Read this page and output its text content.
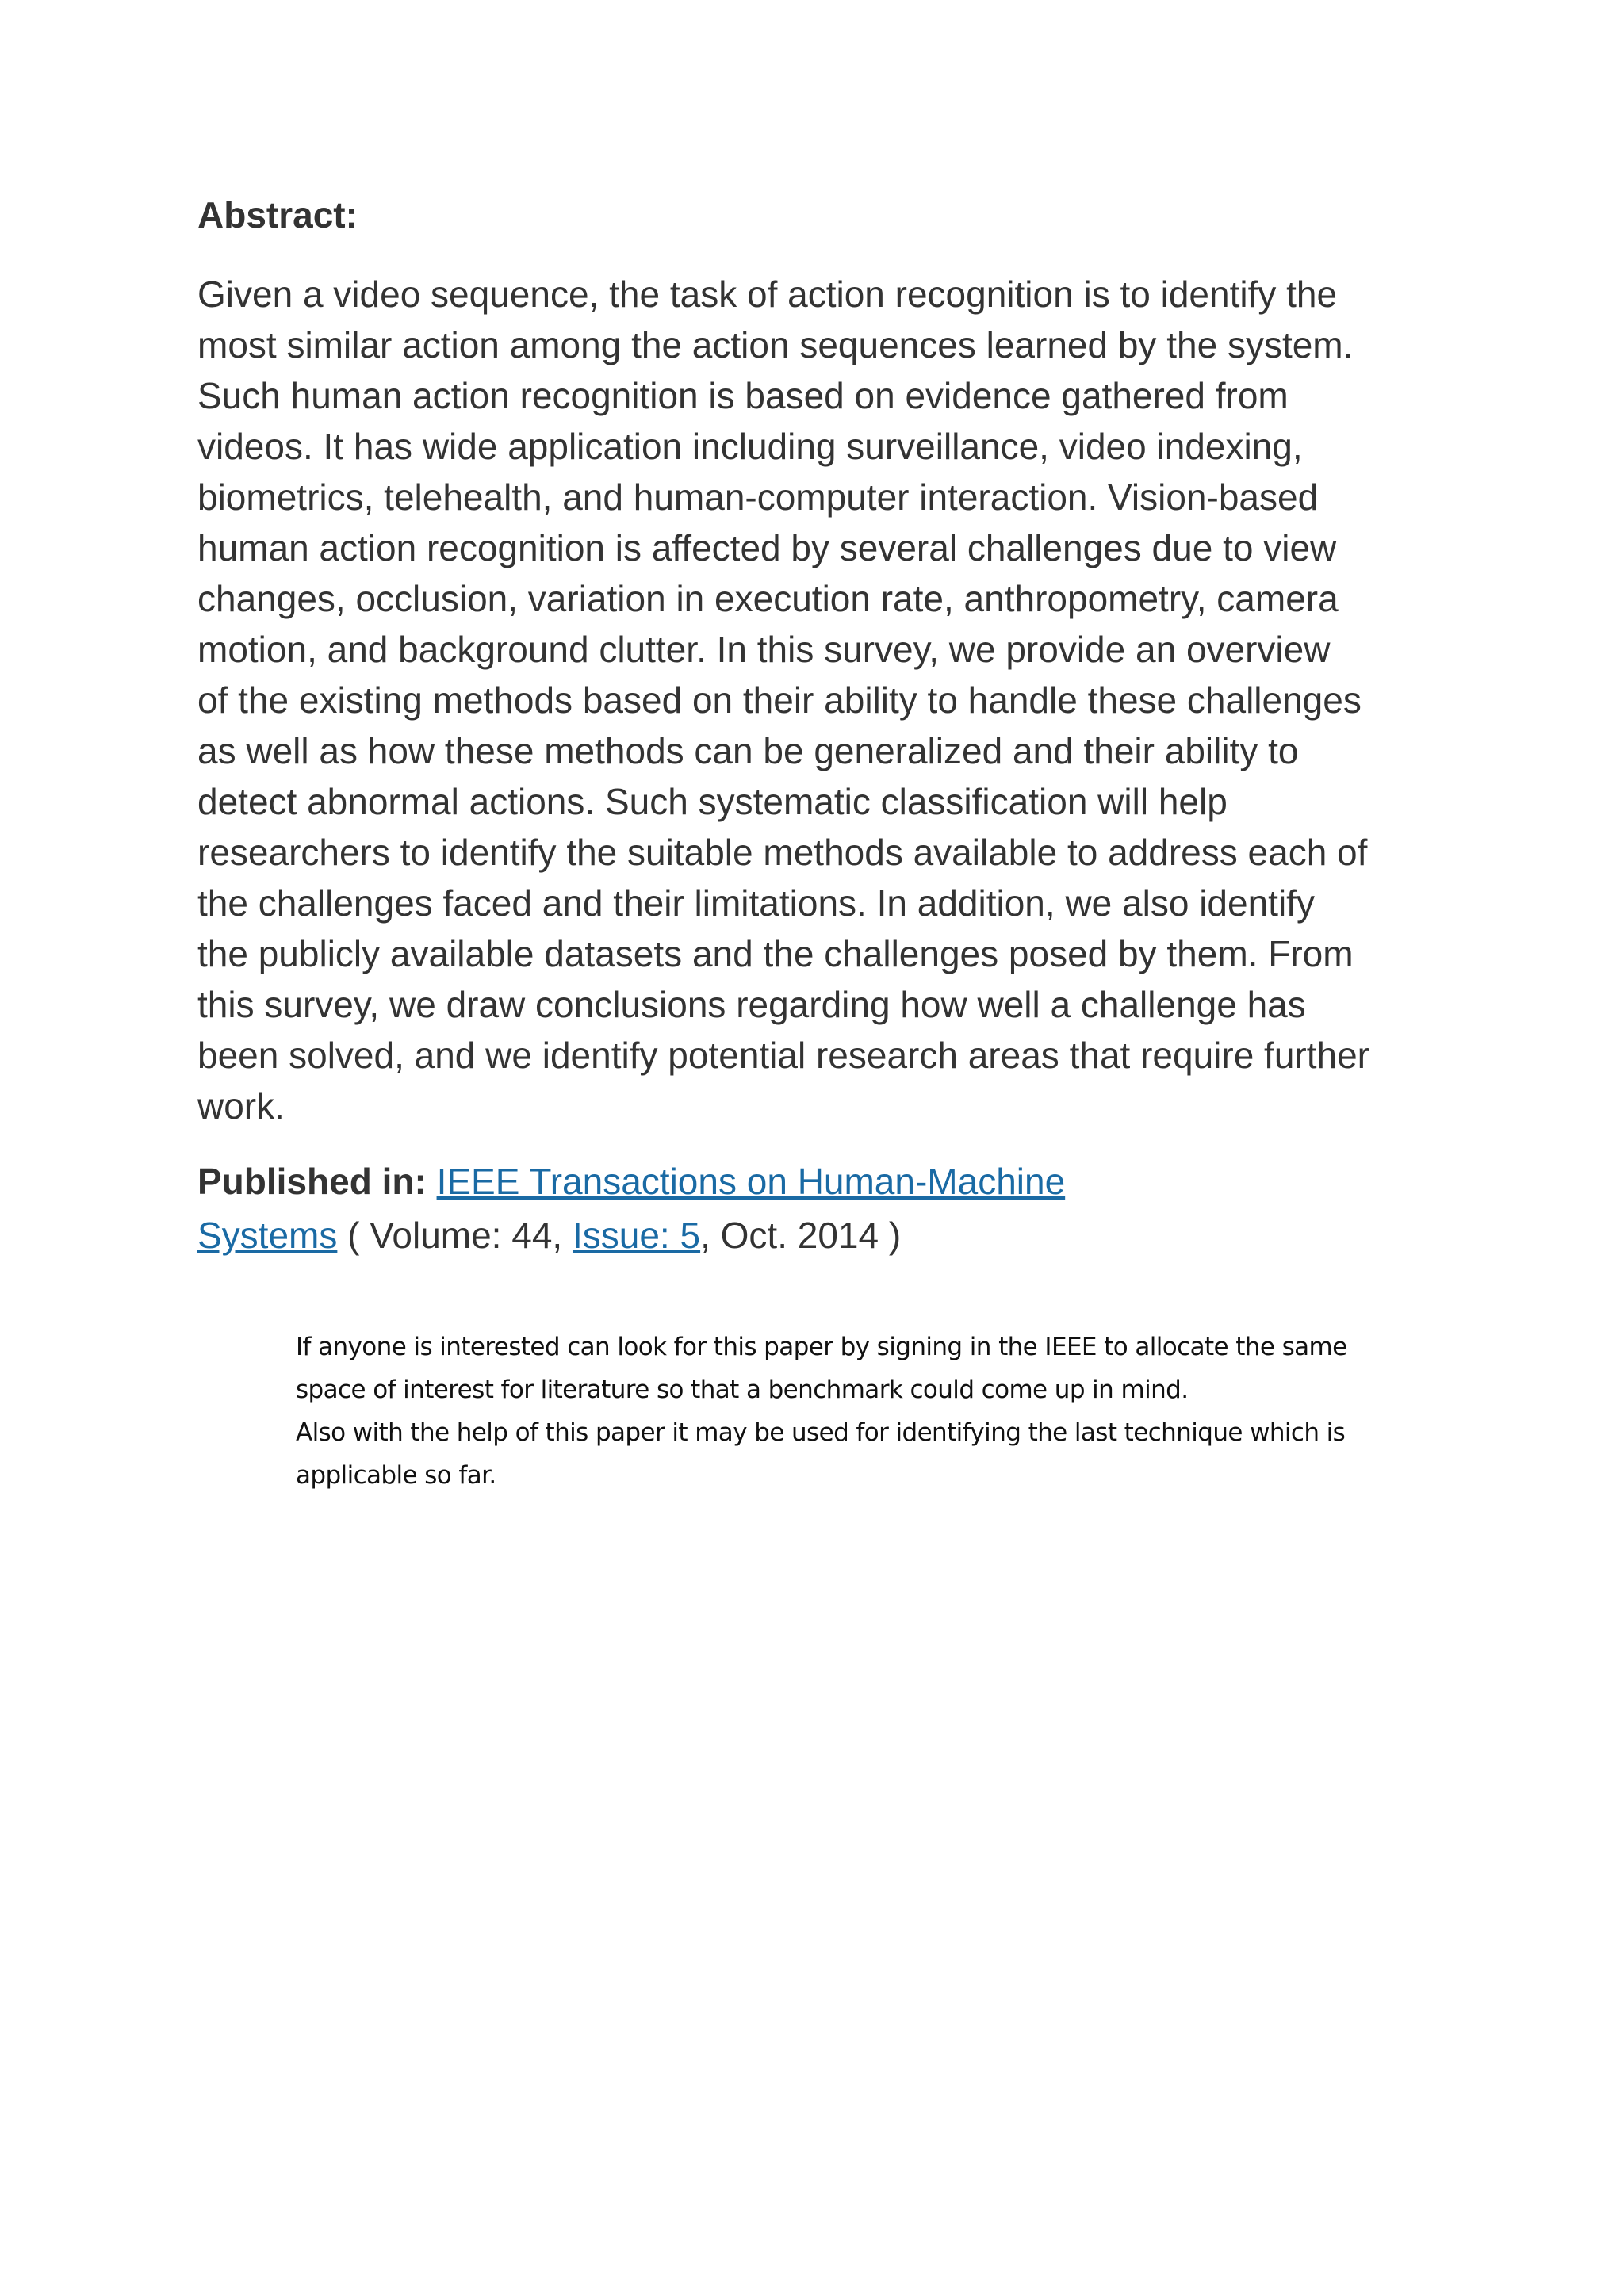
Abstract:

Given a video sequence, the task of action recognition is to identify the
most similar action among the action sequences learned by the system.
Such human action recognition is based on evidence gathered from
videos. It has wide application including surveillance, video indexing,
biometrics, telehealth, and human-computer interaction. Vision-based
human action recognition is affected by several challenges due to view
changes, occlusion, variation in execution rate, anthropometry, camera
motion, and background clutter. In this survey, we provide an overview
of the existing methods based on their ability to handle these challenges
as well as how these methods can be generalized and their ability to
detect abnormal actions. Such systematic classification will help
researchers to identify the suitable methods available to address each of
the challenges faced and their limitations. In addition, we also identify
the publicly available datasets and the challenges posed by them. From
this survey, we draw conclusions regarding how well a challenge has
been solved, and we identify potential research areas that require further
work.

Published in: IEEE Transactions on Human-Machine
Systems ( Volume: 44, Issue: 5, Oct. 2014 )

If anyone is interested can look for this paper by signing in the IEEE to allocate the same
space of interest for literature so that a benchmark could come up in mind.
Also with the help of this paper it may be used for identifying the last technique which is
applicable so far.
